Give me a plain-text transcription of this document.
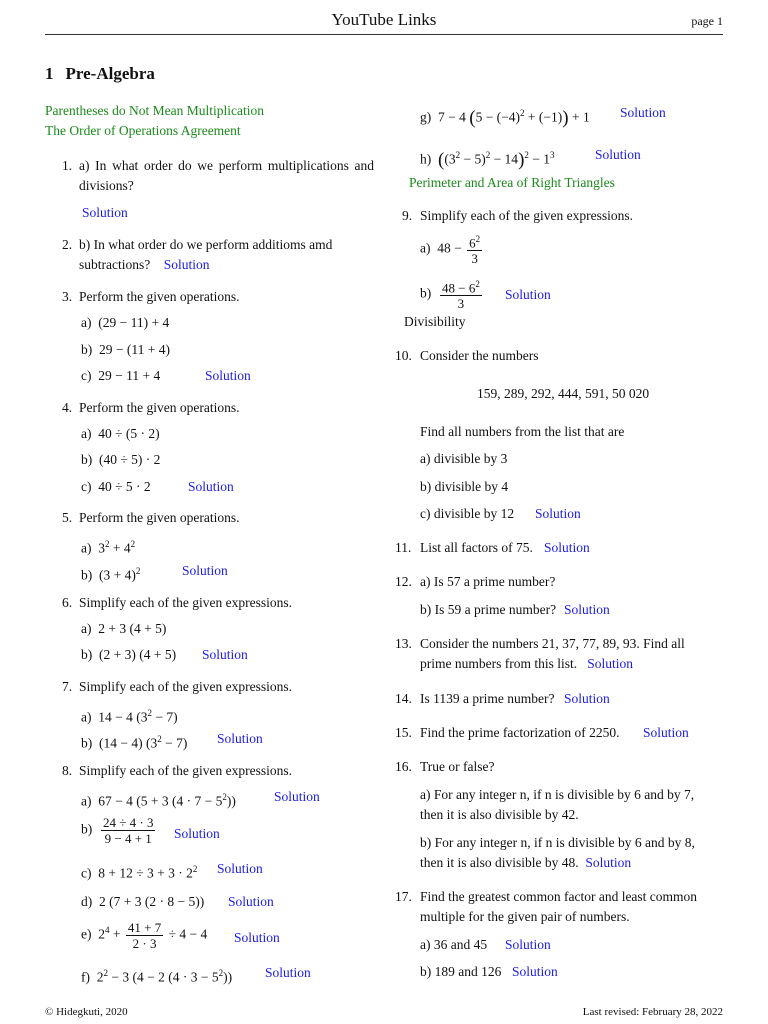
YouTube Links	page 1
1 Pre-Algebra
Parentheses do Not Mean Multiplication
The Order of Operations Agreement
1. a) In what order do we perform multiplications and divisions?
Solution
2. b) In what order do we perform additioms amd subtractions? Solution
3. Perform the given operations.
a)  (29 − 11) + 4
b)  29 − (11 + 4)
c)  29 − 11 + 4	Solution
4. Perform the given operations.
a)  40 ÷ (5 · 2)
b)  (40 ÷ 5) · 2
c)  40 ÷ 5 · 2	Solution
5. Perform the given operations.
a)  $3^2 + 4^2$
b)  $(3 + 4)^2$	Solution
6. Simplify each of the given expressions.
a)  2 + 3 (4 + 5)
b)  (2 + 3) (4 + 5) Solution
7. Simplify each of the given expressions.
a)  14 − 4 $(3^2 - 7)$
b)  (14 − 4) $(3^2 - 7)$ Solution
8. Simplify each of the given expressions.
a)  67 − 4 (5 + 3 $(4 \cdot 7 - 5^2)$)	Solution
$b) \frac{24 \div 4 \cdot 3}{9 - 4 + 1}$ Solution
c)  $8 + 12 \div 3 + 3 \cdot 2^2$ Solution
d)  2 (7 + 3 (2 · 8 − 5)) Solution
e)  $2^4 + \frac{41 + 7}{2 \cdot 3} \div 4 - 4$ Solution
f)  $2^2 - 3$ (4 − 2 $(4 \cdot 3 - 5^2)$) Solution
g)  7 − 4 $(5 - (-4)^2 + (-1)) + 1$ Solution
h)  $((3^2 - 5)^2 - 14)^2 - 1^3$	Solution
Perimeter and Area of Right Triangles
9. Simplify each of the given expressions.
a)  $48 - \frac{6^2}{3}$
$b) \frac{48 - 6^2}{3}$ Solution
Divisibility
10. Consider the numbers
159, 289, 292, 444, 591, 50 020
Find all numbers from the list that are
a) divisible by 3
b) divisible by 4
c) divisible by 12 Solution
11. List all factors of 75. Solution
12. a) Is 57 a prime number?
b) Is 59 a prime number? Solution
13. Consider the numbers 21, 37, 77, 89, 93. Find all prime numbers from this list. Solution
14. Is 1139 a prime number? Solution
15. Find the prime factorization of 2250. Solution
16. True or false?
a) For any integer n, if n is divisible by 6 and by 7, then it is also divisible by 42.
b) For any integer n, if n is divisible by 6 and by 8, then it is also divisible by 48. Solution
17. Find the greatest common factor and least common multiple for the given pair of numbers.
a) 36 and 45 Solution
b) 189 and 126 Solution
© Hidegkuti, 2020	Last revised: February 28, 2022
